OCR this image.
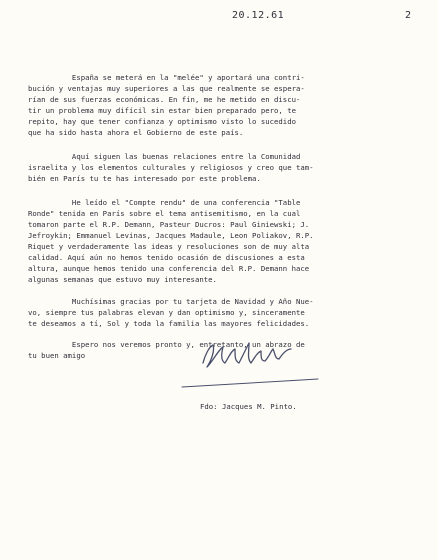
20.12.61	2

España se meterá en la "melée" y aportará una contri-
bución y ventajas muy superiores a las que realmente se espera-
rían de sus fuerzas económicas. En fin, me he metido en discu-
tir un problema muy difícil sin estar bien preparado pero, te
repito, hay que tener confianza y optimismo visto lo sucedido
que ha sido hasta ahora el Gobierno de este país.

Aquí siguen las buenas relaciones entre la Comunidad
israelita y los elementos culturales y religiosos y creo que tam-
bién en París tu te has interesado por este problema.

He leído el "Compte rendu" de una conferencia "Table
Ronde" tenida en París sobre el tema antisemitismo, en la cual
tomaron parte el R.P. Demann, Pasteur Ducros: Paul Giniewski; J.
Jefroykin; Emmanuel Levinas, Jacques Madaule, Leon Poliakov, R.P.
Riquet y verdaderamente las ideas y resoluciones son de muy alta
calidad. Aquí aún no hemos tenido ocasión de discusiones a esta
altura, aunque hemos tenido una conferencia del R.P. Demann hace
algunas semanas que estuvo muy interesante.

Muchísimas gracias por tu tarjeta de Navidad y Año Nue-
vo, siempre tus palabras elevan y dan optimismo y, sinceramente
te deseamos a tí, Sol y toda la familia las mayores felicidades.

Espero nos veremos pronto y, entretanto, un abrazo de
tu buen amigo

Fdo: Jacques M. Pinto.
